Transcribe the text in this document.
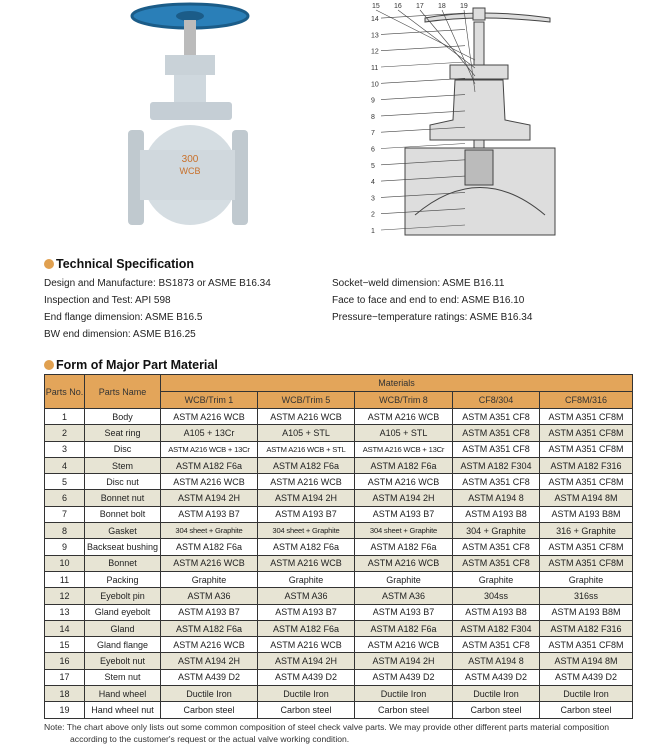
300
WCB
1
2
3
4
5
6
7
8
9
10
11
12
13
14
15 16 17 18 19
Technical Specification
Design and Manufacture: BS1873 or ASME B16.34
Inspection and Test: API 598
End flange dimension: ASME B16.5
BW end dimension: ASME B16.25
Socket−weld dimension: ASME B16.11
Face to face and end to end: ASME B16.10
Pressure−temperature ratings: ASME B16.34
Form of Major Part Material
Parts No.	Parts Name	Materials				
		WCB/Trim 1	WCB/Trim 5	WCB/Trim 8	CF8/304	CF8M/316
1	Body	ASTM A216 WCB	ASTM A216 WCB	ASTM A216 WCB	ASTM A351 CF8	ASTM A351 CF8M
2	Seat ring	A105 + 13Cr	A105 + STL	A105 + STL	ASTM A351 CF8	ASTM A351 CF8M
3	Disc	ASTM A216 WCB + 13Cr	ASTM A216 WCB + STL	ASTM A216 WCB + 13Cr	ASTM A351 CF8	ASTM A351 CF8M
4	Stem	ASTM A182 F6a	ASTM A182 F6a	ASTM A182 F6a	ASTM A182 F304	ASTM A182 F316
5	Disc nut	ASTM A216 WCB	ASTM A216 WCB	ASTM A216 WCB	ASTM A351 CF8	ASTM A351 CF8M
6	Bonnet nut	ASTM A194 2H	ASTM A194 2H	ASTM A194 2H	ASTM A194 8	ASTM A194 8M
7	Bonnet bolt	ASTM A193 B7	ASTM A193 B7	ASTM A193 B7	ASTM A193 B8	ASTM A193 B8M
8	Gasket	304 sheet + Graphite	304 sheet + Graphite	304 sheet + Graphite	304 + Graphite	316 + Graphite
9	Backseat bushing	ASTM A182 F6a	ASTM A182 F6a	ASTM A182 F6a	ASTM A351 CF8	ASTM A351 CF8M
10	Bonnet	ASTM A216 WCB	ASTM A216 WCB	ASTM A216 WCB	ASTM A351 CF8	ASTM A351 CF8M
11	Packing	Graphite	Graphite	Graphite	Graphite	Graphite
12	Eyebolt pin	ASTM A36	ASTM A36	ASTM A36	304ss	316ss
13	Gland eyebolt	ASTM A193 B7	ASTM A193 B7	ASTM A193 B7	ASTM A193 B8	ASTM A193 B8M
14	Gland	ASTM A182 F6a	ASTM A182 F6a	ASTM A182 F6a	ASTM A182 F304	ASTM A182 F316
15	Gland flange	ASTM A216 WCB	ASTM A216 WCB	ASTM A216 WCB	ASTM A351 CF8	ASTM A351 CF8M
16	Eyebolt nut	ASTM A194 2H	ASTM A194 2H	ASTM A194 2H	ASTM A194 8	ASTM A194 8M
17	Stem nut	ASTM A439 D2	ASTM A439 D2	ASTM A439 D2	ASTM A439 D2	ASTM A439 D2
18	Hand wheel	Ductile Iron	Ductile Iron	Ductile Iron	Ductile Iron	Ductile Iron
19	Hand wheel nut	Carbon steel	Carbon steel	Carbon steel	Carbon steel	Carbon steel
Note: The chart above only lists out some common composition of steel check valve parts. We may provide other different parts material composition
according to the customer's request or the actual valve working condition.
